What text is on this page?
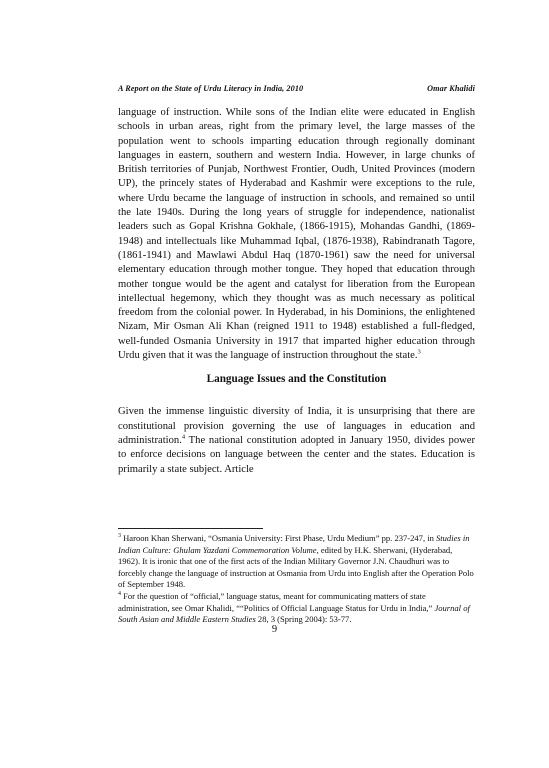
A Report on the State of Urdu Literacy in India, 2010	Omar Khalidi

language of instruction. While sons of the Indian elite were educated in English schools in urban areas, right from the primary level, the large masses of the population went to schools imparting education through regionally dominant languages in eastern, southern and western India. However, in large chunks of British territories of Punjab, Northwest Frontier, Oudh, United Provinces (modern UP), the princely states of Hyderabad and Kashmir were exceptions to the rule, where Urdu became the language of instruction in schools, and remained so until the late 1940s. During the long years of struggle for independence, nationalist leaders such as Gopal Krishna Gokhale, (1866-1915), Mohandas Gandhi, (1869-1948) and intellectuals like Muhammad Iqbal, (1876-1938), Rabindranath Tagore, (1861-1941) and Mawlawi Abdul Haq (1870-1961) saw the need for universal elementary education through mother tongue. They hoped that education through mother tongue would be the agent and catalyst for liberation from the European intellectual hegemony, which they thought was as much necessary as political freedom from the colonial power. In Hyderabad, in his Dominions, the enlightened Nizam, Mir Osman Ali Khan (reigned 1911 to 1948) established a full-fledged, well-funded Osmania University in 1917 that imparted higher education through Urdu given that it was the language of instruction throughout the state.$^3$

Language Issues and the Constitution

Given the immense linguistic diversity of India, it is unsurprising that there are constitutional provision governing the use of languages in education and administration.$^4$ The national constitution adopted in January 1950, divides power to enforce decisions on language between the center and the states. Education is primarily a state subject. Article

$^3$ Haroon Khan Sherwani, “Osmania University: First Phase, Urdu Medium” pp. 237-247, in Studies in Indian Culture: Ghulam Yazdani Commemoration Volume, edited by H.K. Sherwani, (Hyderabad, 1962). It is ironic that one of the first acts of the Indian Military Governor J.N. Chaudhuri was to forcebly change the language of instruction at Osmania from Urdu into English after the Operation Polo of September 1948.

$^4$ For the question of “official,” language status, meant for communicating matters of state administration, see Omar Khalidi, ““Politics of Official Language Status for Urdu in India,” Journal of South Asian and Middle Eastern Studies 28, 3 (Spring 2004): 53-77.

9
